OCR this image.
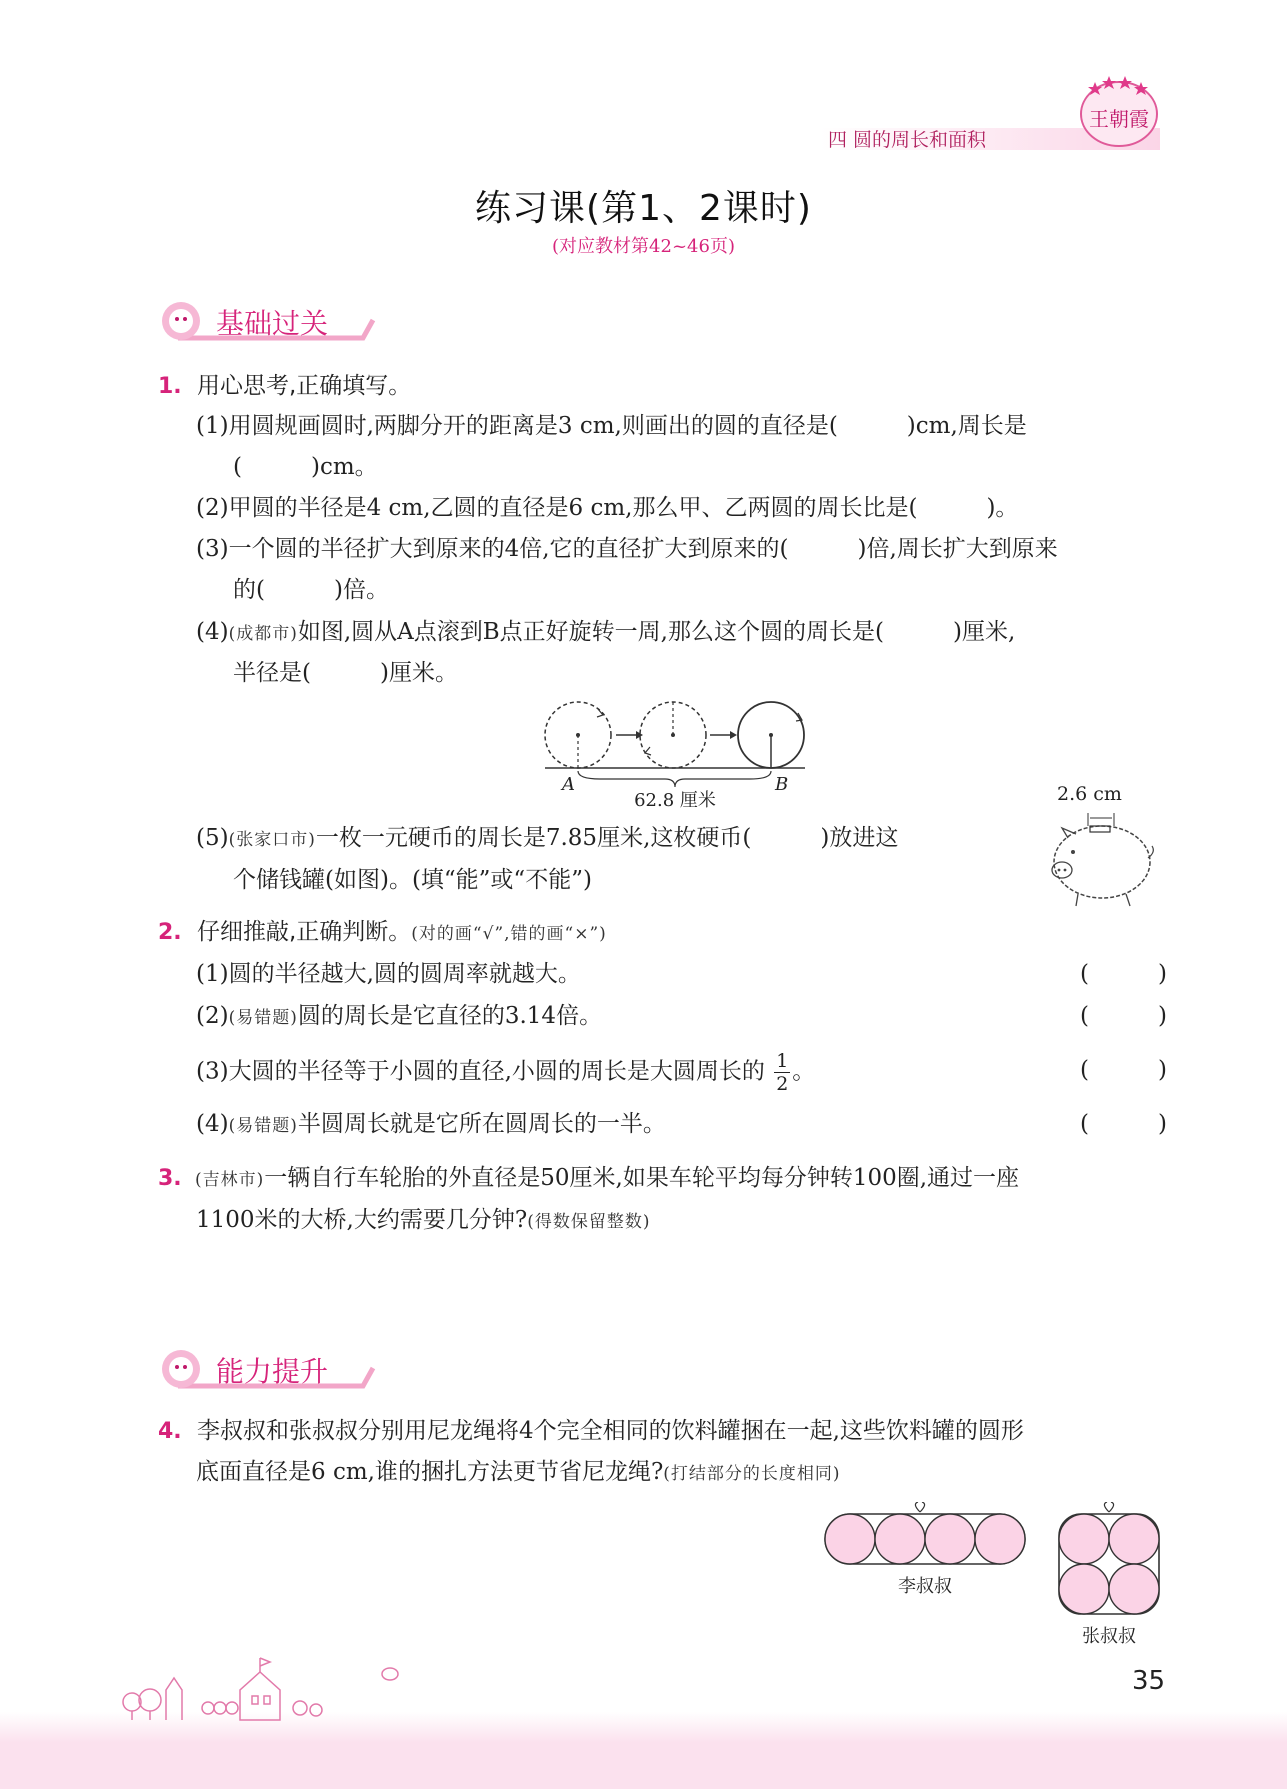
四 圆的周长和面积
王朝霞
练习课(第1、2课时)
(对应教材第42~46页)
基础过关
1. 用心思考,正确填写。
(1)用圆规画圆时,两脚分开的距离是3 cm,则画出的圆的直径是(　　　)cm,周长是
(　　　)cm。
(2)甲圆的半径是4 cm,乙圆的直径是6 cm,那么甲、乙两圆的周长比是(　　　)。
(3)一个圆的半径扩大到原来的4倍,它的直径扩大到原来的(　　　)倍,周长扩大到原来
的(　　　)倍。
(4)(成都市)如图,圆从A点滚到B点正好旋转一周,那么这个圆的周长是(　　　)厘米,
半径是(　　　)厘米。
A	B
62.8 厘米	2.6 cm
(5)(张家口市)一枚一元硬币的周长是7.85厘米,这枚硬币(　　　)放进这
个储钱罐(如图)。(填“能”或“不能”)
2. 仔细推敲,正确判断。(对的画“√”,错的画“×”)
(1)圆的半径越大,圆的圆周率就越大。	(　　　)
(2)(易错题)圆的周长是它直径的3.14倍。	(　　　)
(3)大圆的半径等于小圆的直径,小圆的周长是大圆周长的 $\frac{1}{2}$ 。	(　　　)
(4)(易错题)半圆周长就是它所在圆周长的一半。	(　　　)
3. (吉林市)一辆自行车轮胎的外直径是50厘米,如果车轮平均每分钟转100圈,通过一座
1100米的大桥,大约需要几分钟?(得数保留整数)
能力提升
4. 李叔叔和张叔叔分别用尼龙绳将4个完全相同的饮料罐捆在一起,这些饮料罐的圆形
底面直径是6 cm,谁的捆扎方法更节省尼龙绳?(打结部分的长度相同)
李叔叔
张叔叔
35
